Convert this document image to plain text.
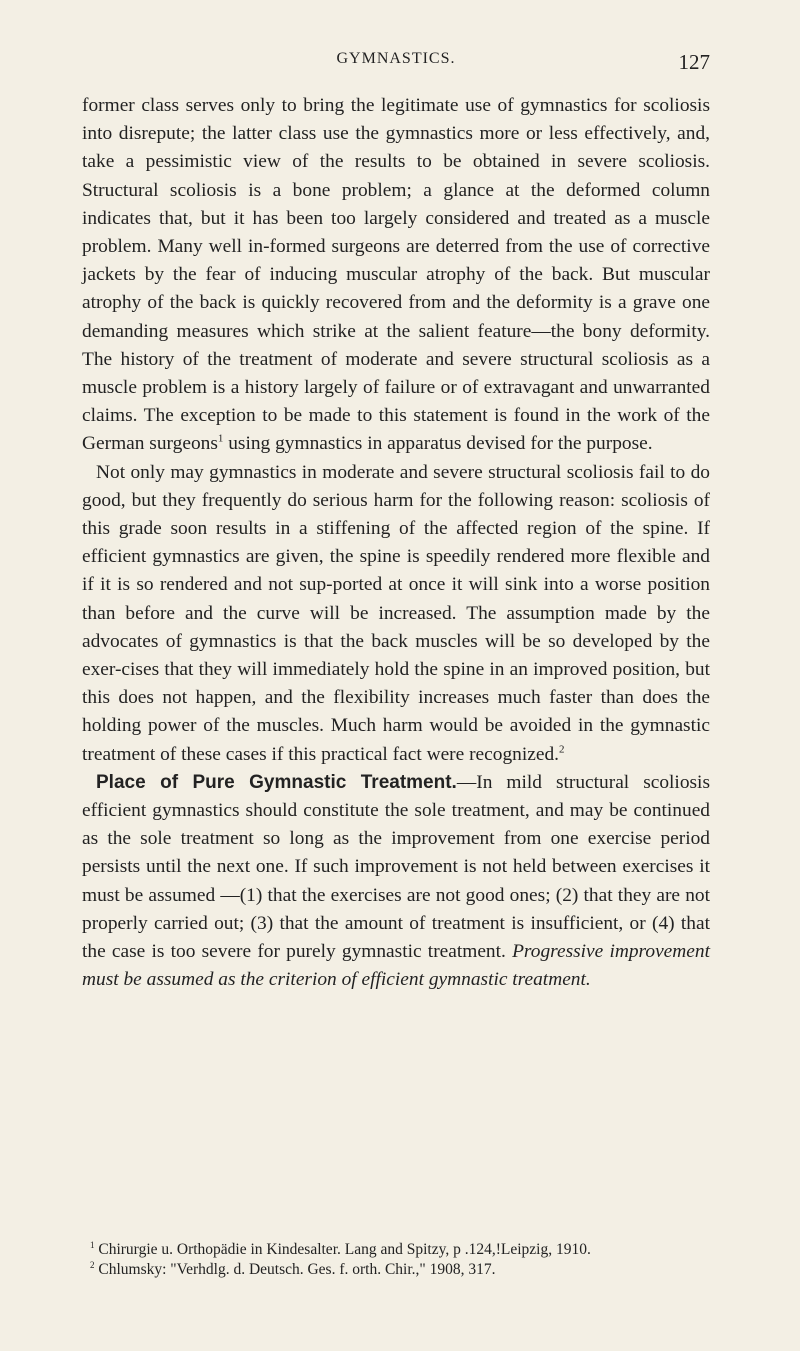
GYMNASTICS.	127

former class serves only to bring the legitimate use of gymnastics for scoliosis into disrepute; the latter class use the gymnastics more or less effectively, and, take a pessimistic view of the results to be obtained in severe scoliosis. Structural scoliosis is a bone problem; a glance at the deformed column indicates that, but it has been too largely considered and treated as a muscle problem. Many well in-formed surgeons are deterred from the use of corrective jackets by the fear of inducing muscular atrophy of the back. But muscular atrophy of the back is quickly recovered from and the deformity is a grave one demanding measures which strike at the salient feature—the bony deformity. The history of the treatment of moderate and severe structural scoliosis as a muscle problem is a history largely of failure or of extravagant and unwarranted claims. The exception to be made to this statement is found in the work of the German surgeons$^1$ using gymnastics in apparatus devised for the purpose.

Not only may gymnastics in moderate and severe structural scoliosis fail to do good, but they frequently do serious harm for the following reason: scoliosis of this grade soon results in a stiffening of the affected region of the spine. If efficient gymnastics are given, the spine is speedily rendered more flexible and if it is so rendered and not sup-ported at once it will sink into a worse position than before and the curve will be increased. The assumption made by the advocates of gymnastics is that the back muscles will be so developed by the exer-cises that they will immediately hold the spine in an improved position, but this does not happen, and the flexibility increases much faster than does the holding power of the muscles. Much harm would be avoided in the gymnastic treatment of these cases if this practical fact were recognized.$^2$

Place of Pure Gymnastic Treatment.—In mild structural scoliosis efficient gymnastics should constitute the sole treatment, and may be continued as the sole treatment so long as the improvement from one exercise period persists until the next one. If such improvement is not held between exercises it must be assumed —(1) that the exercises are not good ones; (2) that they are not properly carried out; (3) that the amount of treatment is insufficient, or (4) that the case is too severe for purely gymnastic treatment. Progressive improvement must be assumed as the criterion of efficient gymnastic treatment.

$^1$ Chirurgie u. Orthopädie in Kindesalter. Lang and Spitzy, p .124,!Leipzig, 1910.

$^2$ Chlumsky: "Verhdlg. d. Deutsch. Ges. f. orth. Chir.," 1908, 317.
